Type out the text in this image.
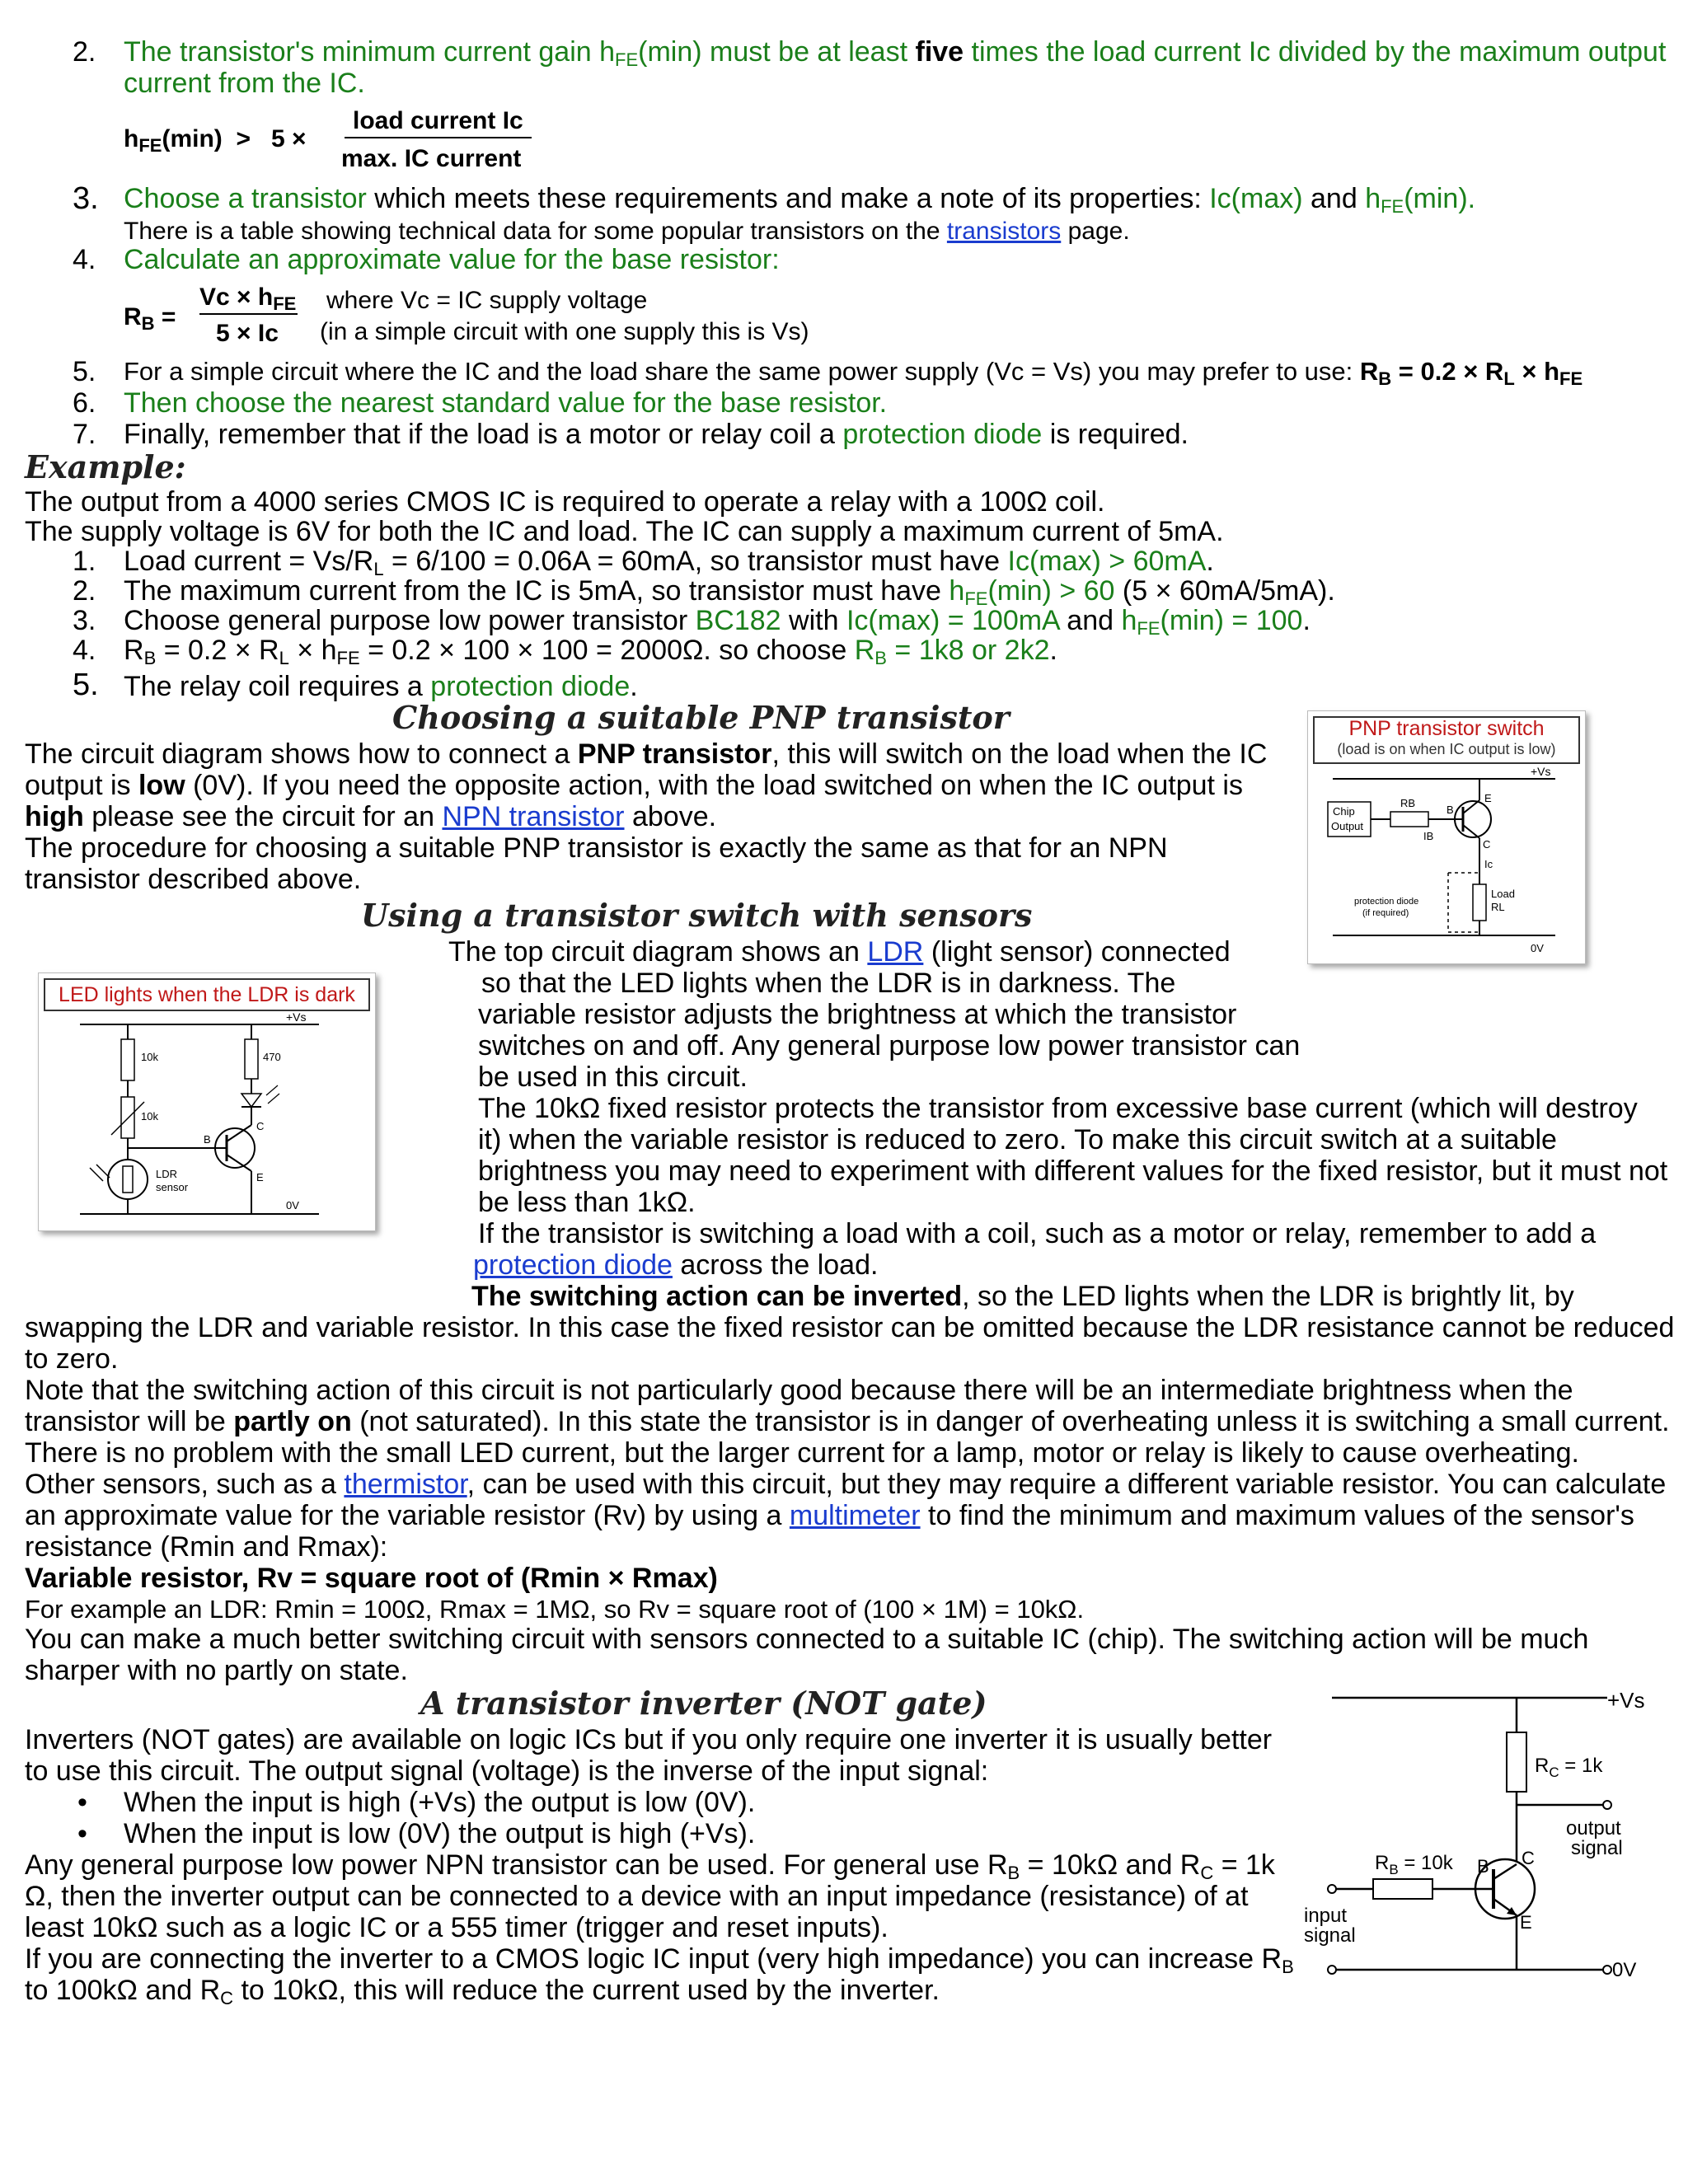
2. The transistor's minimum current gain $h_{FE}(\min)$ must be at least five times the load current Ic divided by the maximum output
current from the IC.
$h_{FE}(\min) > 5$ ×
load current Ic
max. IC current
3. Choose a transistor which meets these requirements and make a note of its properties: Ic(max) and $h_{FE}(\min)$.
There is a table showing technical data for some popular transistors on the transistors page.
4. Calculate an approximate value for the base resistor:
$R_B$ =
$Vc \times h_{FE}$
5 × Ic
where Vc = IC supply voltage
(in a simple circuit with one supply this is Vs)
5. For a simple circuit where the IC and the load share the same power supply (Vc = Vs) you may prefer to use: $R_B = 0.2 \times R_L \times h_{FE}$
6. Then choose the nearest standard value for the base resistor.
7. Finally, remember that if the load is a motor or relay coil a protection diode is required.
Example:
The output from a 4000 series CMOS IC is required to operate a relay with a 100Ω coil.
The supply voltage is 6V for both the IC and load. The IC can supply a maximum current of 5mA.
1. Load current = $Vs/R_L = 6/100 = 0.06A = 60mA$, so transistor must have Ic(max) > 60mA.
2. The maximum current from the IC is 5mA, so transistor must have $h_{FE}(\min) > 60$ (5 × 60mA/5mA).
3. Choose general purpose low power transistor BC182 with Ic(max) = 100mA and $h_{FE}(\min) = 100$.
4. $R_B = 0.2 \times R_L \times h_{FE} = 0.2 \times 100 \times 100 = 2000\Omega$. so choose $R_B = 1k8$ or 2k2.
5. The relay coil requires a protection diode.
Choosing a suitable PNP transistor
The circuit diagram shows how to connect a PNP transistor, this will switch on the load when the IC
output is low (0V). If you need the opposite action, with the load switched on when the IC output is
high please see the circuit for an NPN transistor above.
The procedure for choosing a suitable PNP transistor is exactly the same as that for an NPN
transistor described above.
PNP transistor switch
(load is on when IC output is low)
+Vs
Chip
Output
RB
B
IB
E
C
Ic
Load
RL
0V
protection diode
(if required)
Using a transistor switch with sensors
The top circuit diagram shows an LDR (light sensor) connected
so that the LED lights when the LDR is in darkness. The
variable resistor adjusts the brightness at which the transistor
switches on and off. Any general purpose low power transistor can
be used in this circuit.
The 10kΩ fixed resistor protects the transistor from excessive base current (which will destroy
it) when the variable resistor is reduced to zero. To make this circuit switch at a suitable
brightness you may need to experiment with different values for the fixed resistor, but it must not
be less than 1kΩ.
If the transistor is switching a load with a coil, such as a motor or relay, remember to add a
protection diode across the load.
The switching action can be inverted, so the LED lights when the LDR is brightly lit, by
swapping the LDR and variable resistor. In this case the fixed resistor can be omitted because the LDR resistance cannot be reduced
to zero.
Note that the switching action of this circuit is not particularly good because there will be an intermediate brightness when the
transistor will be partly on (not saturated). In this state the transistor is in danger of overheating unless it is switching a small current.
There is no problem with the small LED current, but the larger current for a lamp, motor or relay is likely to cause overheating.
Other sensors, such as a thermistor, can be used with this circuit, but they may require a different variable resistor. You can calculate
an approximate value for the variable resistor (Rv) by using a multimeter to find the minimum and maximum values of the sensor's
resistance (Rmin and Rmax):
Variable resistor, Rv = square root of (Rmin × Rmax)
For example an LDR: Rmin = 100Ω, Rmax = 1MΩ, so Rv = square root of (100 × 1M) = 10kΩ.
You can make a much better switching circuit with sensors connected to a suitable IC (chip). The switching action will be much
sharper with no partly on state.
LED lights when the LDR is dark
+Vs
10k
10k
B
LDR
sensor
0V
470
C
E
A transistor inverter (NOT gate)
Inverters (NOT gates) are available on logic ICs but if you only require one inverter it is usually better
to use this circuit. The output signal (voltage) is the inverse of the input signal:
• When the input is high (+Vs) the output is low (0V).
• When the input is low (0V) the output is high (+Vs).
Any general purpose low power NPN transistor can be used. For general use $R_B = 10k\Omega$ and $R_C = 1k$
Ω, then the inverter output can be connected to a device with an input impedance (resistance) of at
least 10kΩ such as a logic IC or a 555 timer (trigger and reset inputs).
If you are connecting the inverter to a CMOS logic IC input (very high impedance) you can increase $R_B$
to 100kΩ and $R_C$ to 10kΩ, this will reduce the current used by the inverter.
+Vs
$R_C = 1k$
output
signal
C
E
B
$R_B = 10k$
input
signal
0V
